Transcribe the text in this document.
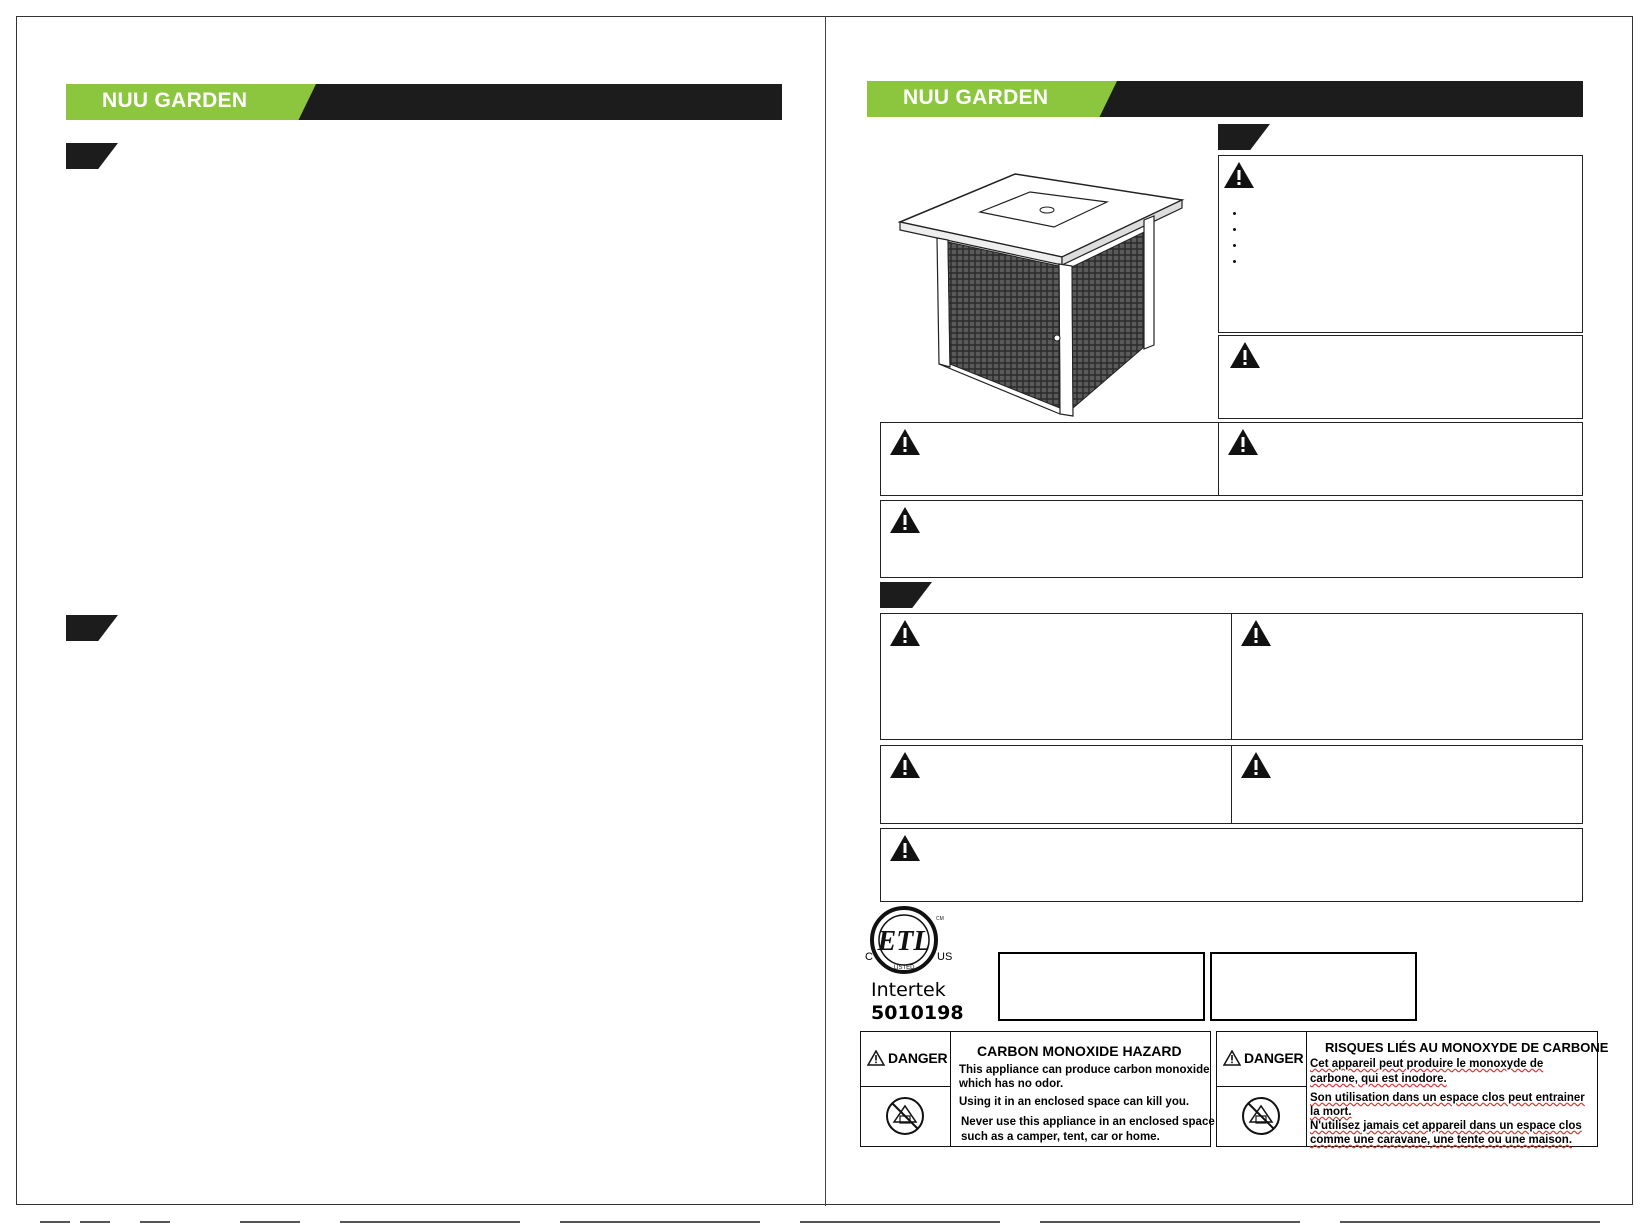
NUU GARDEN	NUU GARDEN
ETL
LISTED
CM
C	US
Intertek
5010198
DANGER CARBON MONOXIDE HAZARD
This appliance can produce carbon monoxide
which has no odor.
Using it in an enclosed space can kill you.
Never use this appliance in an enclosed space
such as a camper, tent, car or home.
DANGER
RISQUES LIÉS AU MONOXYDE DE CARBONE
Cet appareil peut produire le monoxyde de
carbone, qui est inodore.
Son utilisation dans un espace clos peut entrainer
la mort.
N'utilisez jamais cet appareil dans un espace clos
comme une caravane, une tente ou une maison.
